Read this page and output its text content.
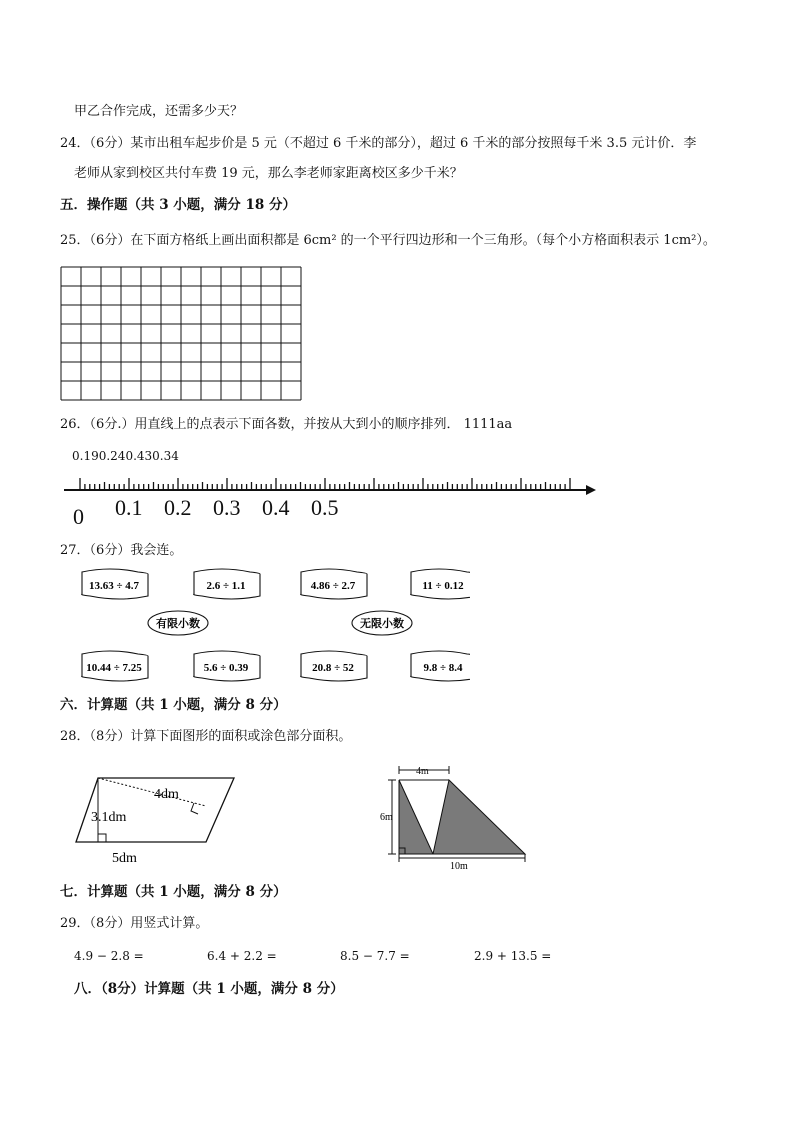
甲乙合作完成，还需多少天？
24．（6分）某市出租车起步价是 5 元（不超过 6 千米的部分），超过 6 千米的部分按照每千米 3.5 元计价．李
老师从家到校区共付车费 19 元，那么李老师家距离校区多少千米？
五．操作题（共 3 小题，满分 18 分）
25．（6分）在下面方格纸上画出面积都是 6cm² 的一个平行四边形和一个三角形。（每个小方格面积表示 1cm²）。
26．（6分.）用直线上的点表示下面各数，并按从大到小的顺序排列． 1111aa
0.190.240.430.34
0 0.1 0.2 0.3 0.4 0.5
27．（6分）我会连。
13.63 ÷ 4.7	2.6 ÷ 1.1	4.86 ÷ 2.7	11 ÷ 0.12
有限小数	无限小数
10.44 ÷ 7.25	5.6 ÷ 0.39	20.8 ÷ 52	9.8 ÷ 8.4
六．计算题（共 1 小题，满分 8 分）
28．（8分）计算下面图形的面积或涂色部分面积。
4dm
3.1dm
5dm
4m
6m
10m
七．计算题（共 1 小题，满分 8 分）
29．（8分）用竖式计算。
4.9 − 2.8 =	6.4 + 2.2 =	8.5 − 7.7 =	2.9 + 13.5 =
八．（8分）计算题（共 1 小题，满分 8 分）
